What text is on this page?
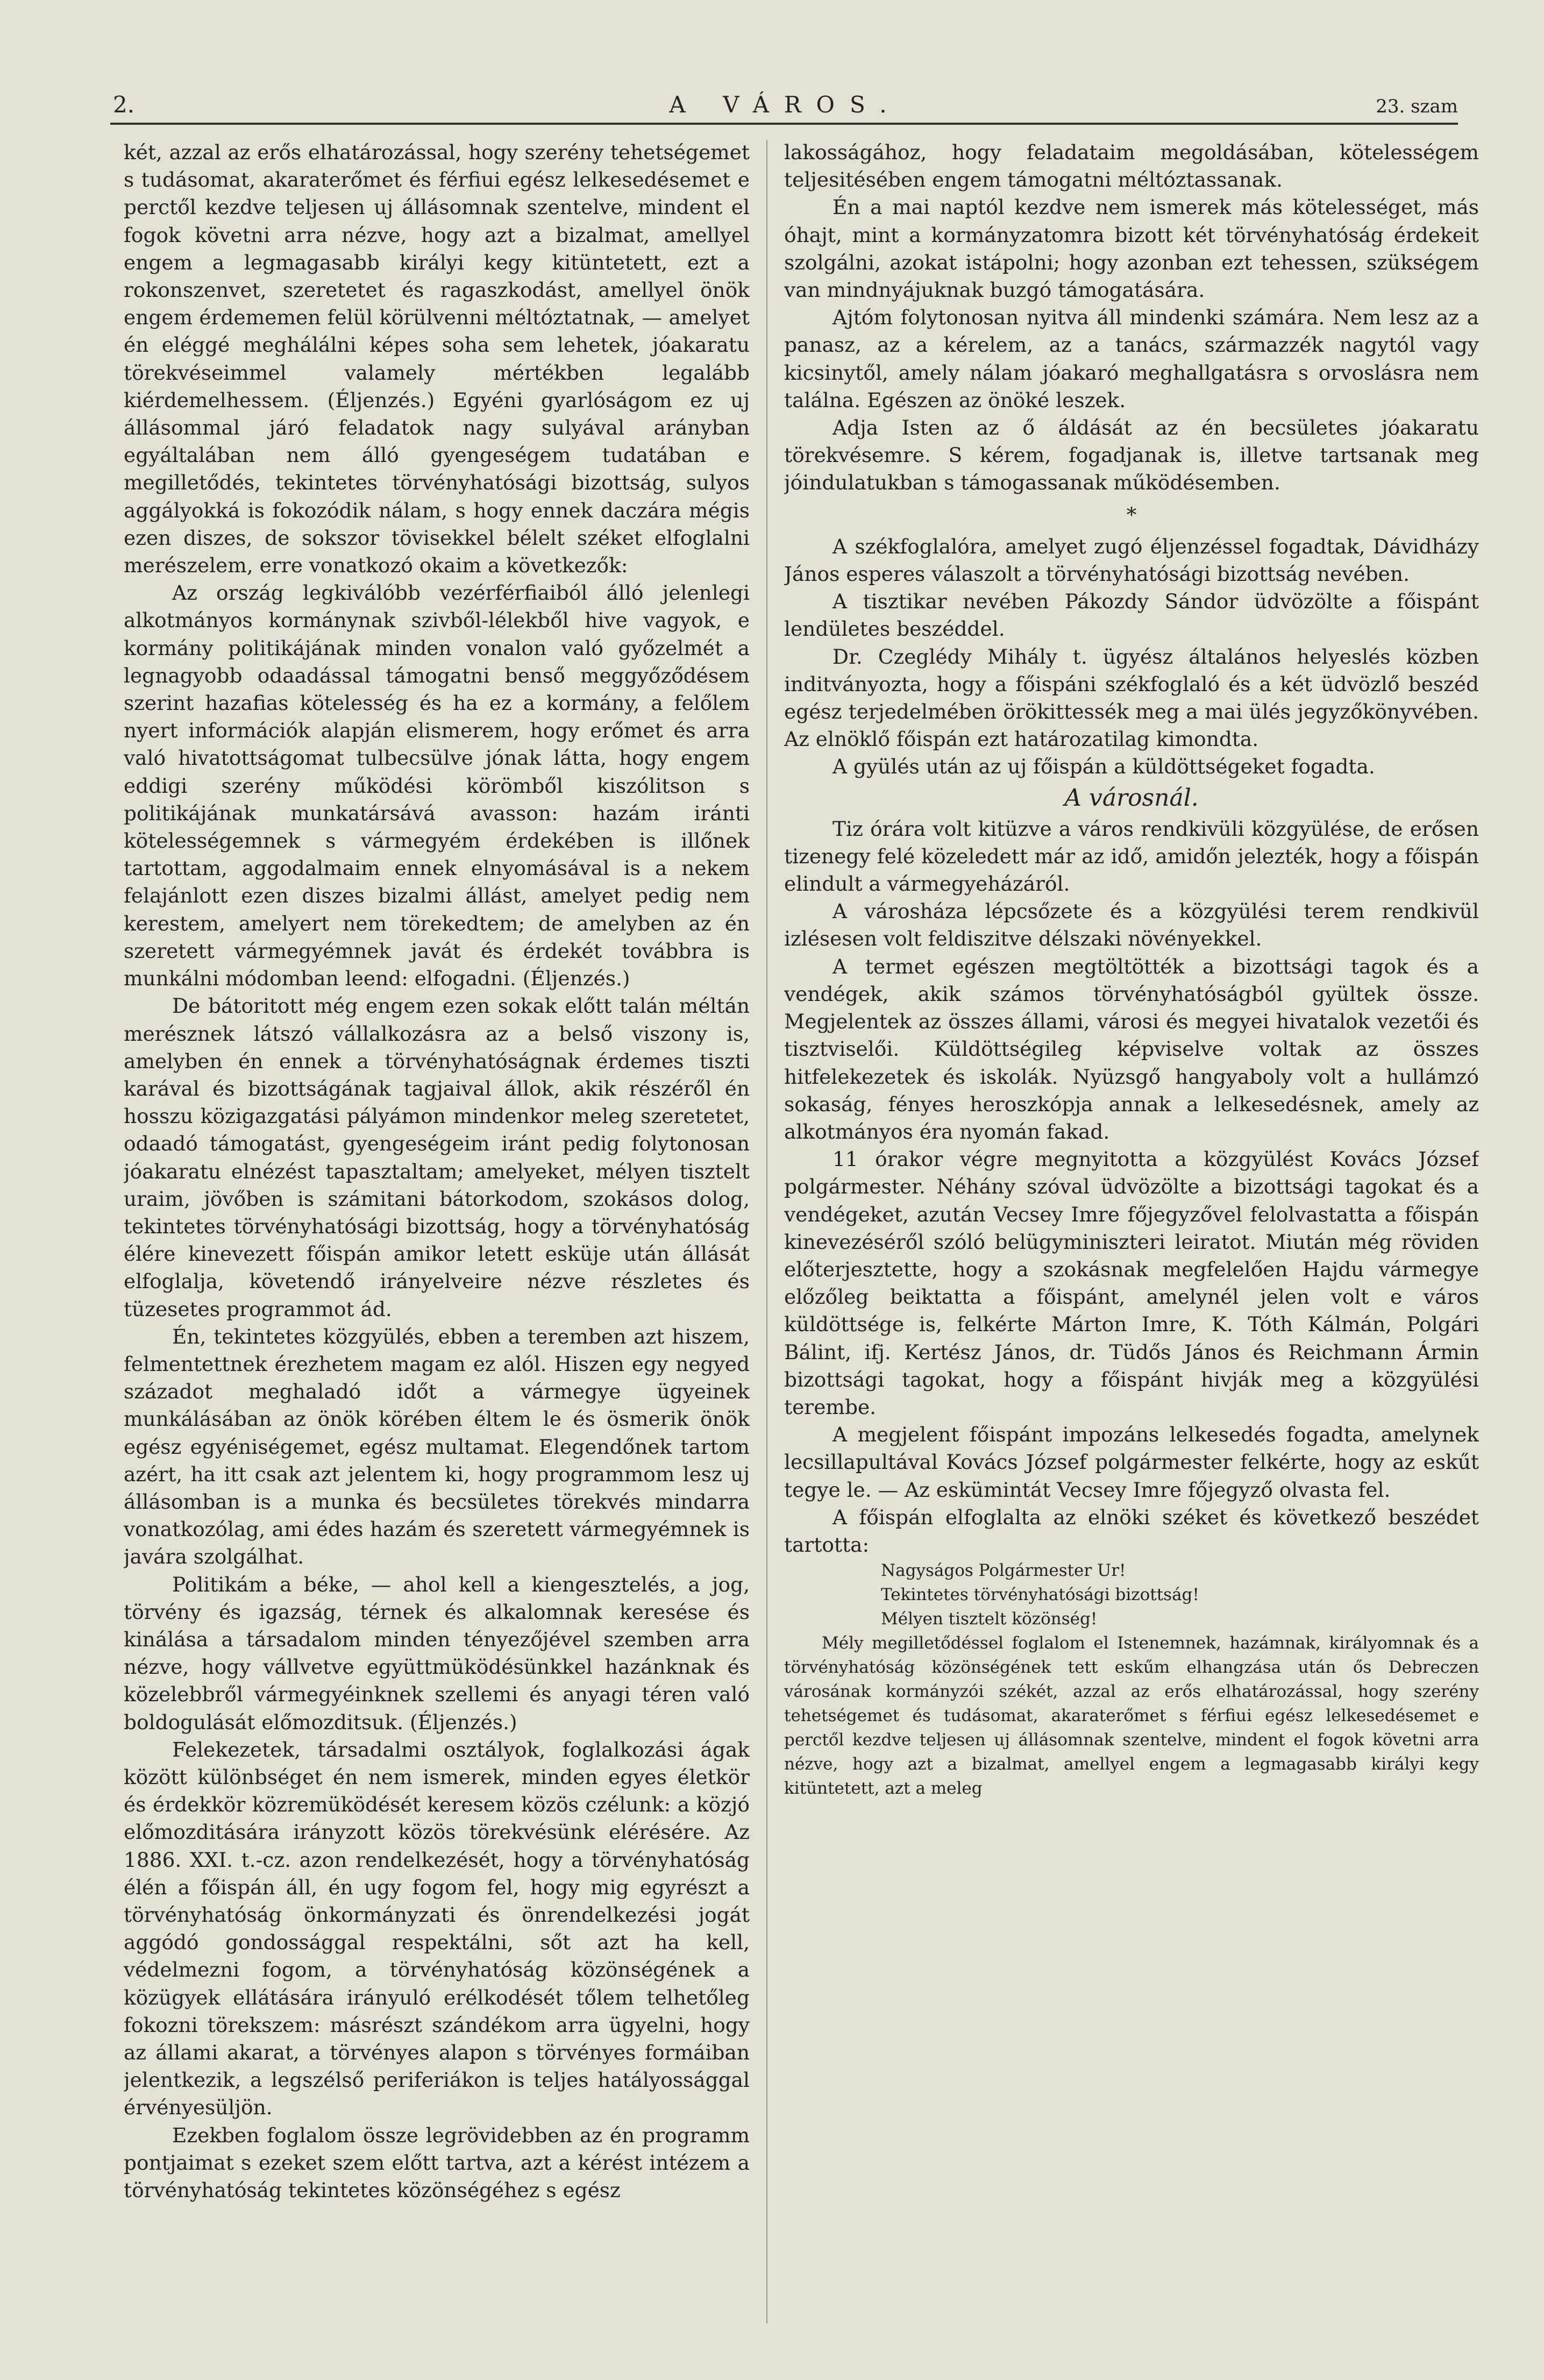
2.	A VÁROS.	23. szam

két, azzal az erős elhatározással, hogy szerény tehetségemet s tudásomat, akaraterőmet és férfiui egész lelkesedésemet e perctől kezdve teljesen uj állásomnak szentelve, mindent el fogok követni arra nézve, hogy azt a bizalmat, amellyel engem a legmagasabb királyi kegy kitüntetett, ezt a rokonszenvet, szeretetet és ragaszkodást, amellyel önök engem érdememen felül körülvenni méltóztatnak, — amelyet én eléggé meghálálni képes soha sem lehetek, jóakaratu törekvéseimmel valamely mértékben legalább kiérdemelhessem. (Éljenzés.) Egyéni gyarlóságom ez uj állásommal járó feladatok nagy sulyával arányban egyáltalában nem álló gyengeségem tudatában e megilletődés, tekintetes törvényhatósági bizottság, sulyos aggályokká is fokozódik nálam, s hogy ennek daczára mégis ezen diszes, de sokszor tövisekkel bélelt széket elfoglalni merészelem, erre vonatkozó okaim a következők:

Az ország legkiválóbb vezérférfiaiból álló jelenlegi alkotmányos kormánynak szivből-lélekből hive vagyok, e kormány politikájának minden vonalon való győzelmét a legnagyobb odaadással támogatni benső meggyőződésem szerint hazafias kötelesség és ha ez a kormány, a felőlem nyert információk alapján elismerem, hogy erőmet és arra való hivatottságomat tulbecsülve jónak látta, hogy engem eddigi szerény működési körömből kiszólitson s politikájának munkatársává avasson: hazám iránti kötelességemnek s vármegyém érdekében is illőnek tartottam, aggodalmaim ennek elnyomásával is a nekem felajánlott ezen diszes bizalmi állást, amelyet pedig nem kerestem, amelyert nem törekedtem; de amelyben az én szeretett vármegyémnek javát és érdekét továbbra is munkálni módomban leend: elfogadni. (Éljenzés.)

De bátoritott még engem ezen sokak előtt talán méltán merésznek látszó vállalkozásra az a belső viszony is, amelyben én ennek a törvényhatóságnak érdemes tiszti karával és bizottságának tagjaival állok, akik részéről én hosszu közigazgatási pályámon mindenkor meleg szeretetet, odaadó támogatást, gyengeségeim iránt pedig folytonosan jóakaratu elnézést tapasztaltam; amelyeket, mélyen tisztelt uraim, jövőben is számitani bátorkodom, szokásos dolog, tekintetes törvényhatósági bizottság, hogy a törvényhatóság élére kinevezett főispán amikor letett esküje után állását elfoglalja, követendő irányelveire nézve részletes és tüzesetes programmot ád.

Én, tekintetes közgyülés, ebben a teremben azt hiszem, felmentettnek érezhetem magam ez alól. Hiszen egy negyed századot meghaladó időt a vármegye ügyeinek munkálásában az önök körében éltem le és ösmerik önök egész egyéniségemet, egész multamat. Elegendőnek tartom azért, ha itt csak azt jelentem ki, hogy programmom lesz uj állásomban is a munka és becsületes törekvés mindarra vonatkozólag, ami édes hazám és szeretett vármegyémnek is javára szolgálhat.

Politikám a béke, — ahol kell a kiengesztelés, a jog, törvény és igazság, térnek és alkalomnak keresése és kinálása a társadalom minden tényezőjével szemben arra nézve, hogy vállvetve együttmüködésünkkel hazánknak és közelebbről vármegyéinknek szellemi és anyagi téren való boldogulását előmozditsuk. (Éljenzés.)

Felekezetek, társadalmi osztályok, foglalkozási ágak között különbséget én nem ismerek, minden egyes életkör és érdekkör közremüködését keresem közös czélunk: a közjó előmozditására irányzott közös törekvésünk elérésére. Az 1886. XXI. t.-cz. azon rendelkezését, hogy a törvényhatóság élén a főispán áll, én ugy fogom fel, hogy mig egyrészt a törvényhatóság önkormányzati és önrendelkezési jogát aggódó gondossággal respektálni, sőt azt ha kell, védelmezni fogom, a törvényhatóság közönségének a közügyek ellátására irányuló erélkodését tőlem telhetőleg fokozni törekszem: másrészt szándékom arra ügyelni, hogy az állami akarat, a törvényes alapon s törvényes formáiban jelentkezik, a legszélső periferiákon is teljes hatályossággal érvényesüljön.

Ezekben foglalom össze legrövidebben az én programm pontjaimat s ezeket szem előtt tartva, azt a kérést intézem a törvényhatóság tekintetes közönségéhez s egész

lakosságához, hogy feladataim megoldásában, kötelességem teljesitésében engem támogatni méltóztassanak.

Én a mai naptól kezdve nem ismerek más kötelességet, más óhajt, mint a kormányzatomra bizott két törvényhatóság érdekeit szolgálni, azokat istápolni; hogy azonban ezt tehessen, szükségem van mindnyájuknak buzgó támogatására.

Ajtóm folytonosan nyitva áll mindenki számára. Nem lesz az a panasz, az a kérelem, az a tanács, származzék nagytól vagy kicsinytől, amely nálam jóakaró meghallgatásra s orvoslásra nem találna. Egészen az önöké leszek.

Adja Isten az ő áldását az én becsületes jóakaratu törekvésemre. S kérem, fogadjanak is, illetve tartsanak meg jóindulatukban s támogassanak működésemben.

*

A székfoglalóra, amelyet zugó éljenzéssel fogadtak, Dávidházy János esperes válaszolt a törvényhatósági bizottság nevében.

A tisztikar nevében Pákozdy Sándor üdvözölte a főispánt lendületes beszéddel.

Dr. Czeglédy Mihály t. ügyész általános helyeslés közben inditványozta, hogy a főispáni székfoglaló és a két üdvözlő beszéd egész terjedelmében örökittessék meg a mai ülés jegyzőkönyvében. Az elnöklő főispán ezt határozatilag kimondta.

A gyülés után az uj főispán a küldöttségeket fogadta.

A városnál.

Tiz órára volt kitüzve a város rendkivüli közgyülése, de erősen tizenegy felé közeledett már az idő, amidőn jelezték, hogy a főispán elindult a vármegyeházáról.

A városháza lépcsőzete és a közgyülési terem rendkivül izlésesen volt feldiszitve délszaki növényekkel.

A termet egészen megtöltötték a bizottsági tagok és a vendégek, akik számos törvényhatóságból gyültek össze. Megjelentek az összes állami, városi és megyei hivatalok vezetői és tisztviselői. Küldöttségileg képviselve voltak az összes hitfelekezetek és iskolák. Nyüzsgő hangyaboly volt a hullámzó sokaság, fényes heroszkópja annak a lelkesedésnek, amely az alkotmányos éra nyomán fakad.

11 órakor végre megnyitotta a közgyülést Kovács József polgármester. Néhány szóval üdvözölte a bizottsági tagokat és a vendégeket, azután Vecsey Imre főjegyzővel felolvastatta a főispán kinevezéséről szóló belügyminiszteri leiratot. Miután még röviden előterjesztette, hogy a szokásnak megfelelően Hajdu vármegye előzőleg beiktatta a főispánt, amelynél jelen volt e város küldöttsége is, felkérte Márton Imre, K. Tóth Kálmán, Polgári Bálint, ifj. Kertész János, dr. Tüdős János és Reichmann Ármin bizottsági tagokat, hogy a főispánt hivják meg a közgyülési terembe.

A megjelent főispánt impozáns lelkesedés fogadta, amelynek lecsillapultával Kovács József polgármester felkérte, hogy az eskűt tegye le. — Az eskümintát Vecsey Imre főjegyző olvasta fel.

A főispán elfoglalta az elnöki széket és következő beszédet tartotta:

Nagyságos Polgármester Ur!

Tekintetes törvényhatósági bizottság!

Mélyen tisztelt közönség!

Mély megilletődéssel foglalom el Istenemnek, hazámnak, királyomnak és a törvényhatóság közönségének tett eskűm elhangzása után ős Debreczen városának kormányzói székét, azzal az erős elhatározással, hogy szerény tehetségemet és tudásomat, akaraterőmet s férfiui egész lelkesedésemet e perctől kezdve teljesen uj állásomnak szentelve, mindent el fogok követni arra nézve, hogy azt a bizalmat, amellyel engem a legmagasabb királyi kegy kitüntetett, azt a meleg
